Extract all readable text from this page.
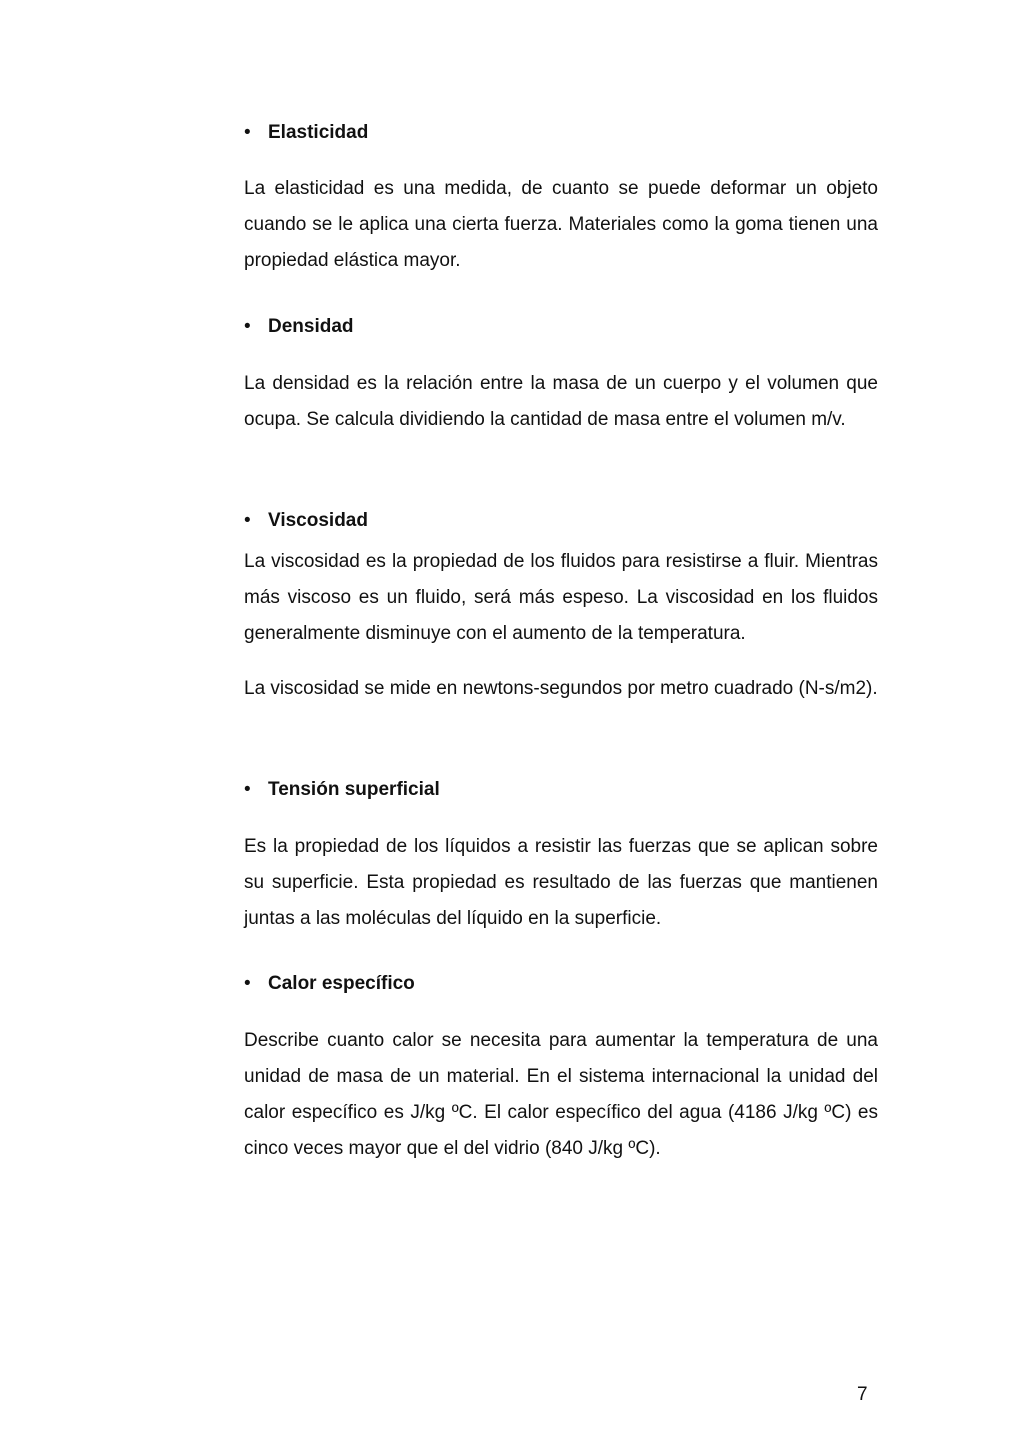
• Elasticidad

La elasticidad es una medida, de cuanto se puede deformar un objeto cuando se le aplica una cierta fuerza. Materiales como la goma tienen una propiedad elástica mayor.

• Densidad

La densidad es la relación entre la masa de un cuerpo y el volumen que ocupa. Se calcula dividiendo la cantidad de masa entre el volumen m/v.

• Viscosidad

La viscosidad es la propiedad de los fluidos para resistirse a fluir. Mientras más viscoso es un fluido, será más espeso. La viscosidad en los fluidos generalmente disminuye con el aumento de la temperatura.

La viscosidad se mide en newtons-segundos por metro cuadrado (N-s/m2).

• Tensión superficial

Es la propiedad de los líquidos a resistir las fuerzas que se aplican sobre su superficie. Esta propiedad es resultado de las fuerzas que mantienen juntas a las moléculas del líquido en la superficie.

• Calor específico

Describe cuanto calor se necesita para aumentar la temperatura de una unidad de masa de un material. En el sistema internacional la unidad del calor específico es J/kg ºC. El calor específico del agua (4186 J/kg ºC) es cinco veces mayor que el del vidrio (840 J/kg ºC).

7
